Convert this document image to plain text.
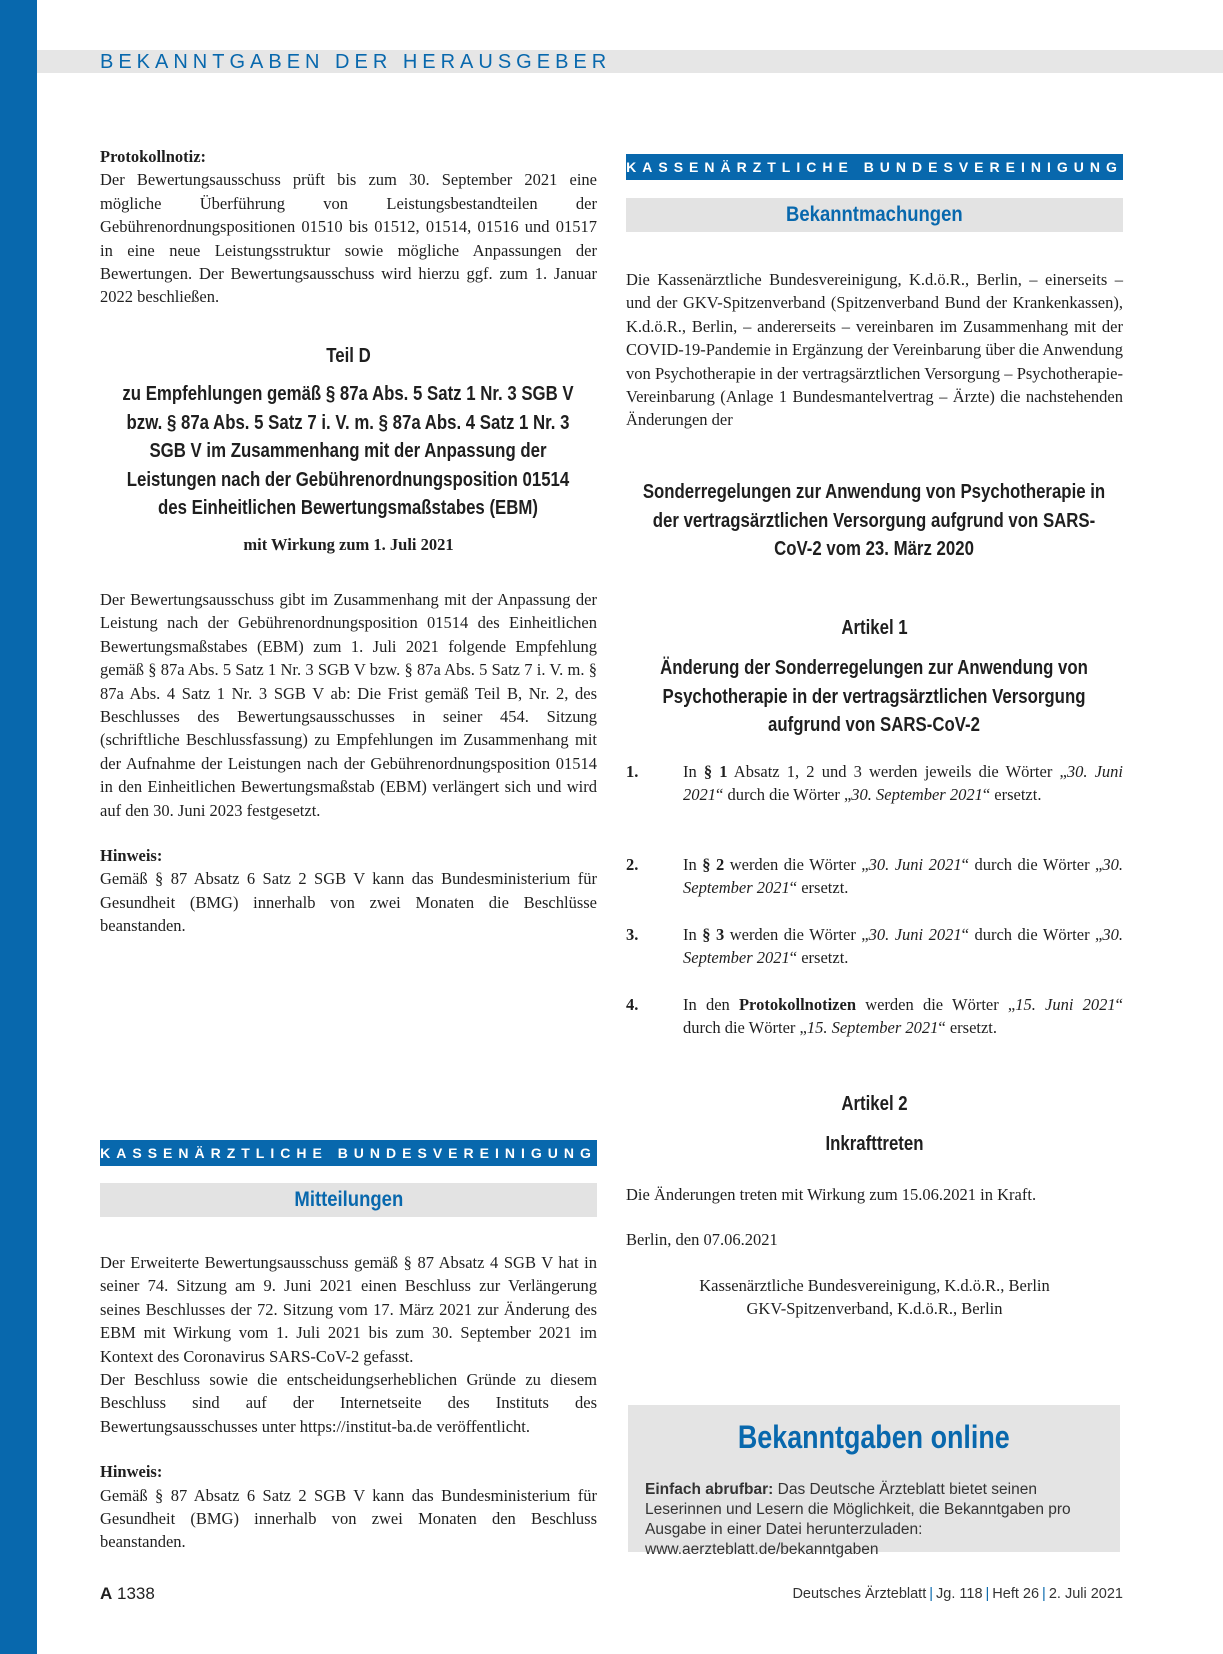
BEKANNTGABEN DER HERAUSGEBER

Protokollnotiz:

Der Bewertungsausschuss prüft bis zum 30. September 2021 eine mögliche Überführung von Leistungsbestandteilen der Gebührenordnungspositionen 01510 bis 01512, 01514, 01516 und 01517 in eine neue Leistungsstruktur sowie mögliche Anpassungen der Bewertungen. Der Bewertungsausschuss wird hierzu ggf. zum 1. Januar 2022 beschließen.

Teil D
zu Empfehlungen gemäß § 87a Abs. 5 Satz 1 Nr. 3 SGB V bzw. § 87a Abs. 5 Satz 7 i. V. m. § 87a Abs. 4 Satz 1 Nr. 3 SGB V im Zusammenhang mit der Anpassung der Leistungen nach der Gebührenordnungsposition 01514 des Einheitlichen Bewertungsmaßstabes (EBM)
mit Wirkung zum 1. Juli 2021

Der Bewertungsausschuss gibt im Zusammenhang mit der Anpassung der Leistung nach der Gebührenordnungsposition 01514 des Einheitlichen Bewertungsmaßstabes (EBM) zum 1. Juli 2021 folgende Empfehlung gemäß § 87a Abs. 5 Satz 1 Nr. 3 SGB V bzw. § 87a Abs. 5 Satz 7 i. V. m. § 87a Abs. 4 Satz 1 Nr. 3 SGB V ab: Die Frist gemäß Teil B, Nr. 2, des Beschlusses des Bewertungsausschusses in seiner 454. Sitzung (schriftliche Beschlussfassung) zu Empfehlungen im Zusammenhang mit der Aufnahme der Leistungen nach der Gebührenordnungsposition 01514 in den Einheitlichen Bewertungsmaßstab (EBM) verlängert sich und wird auf den 30. Juni 2023 festgesetzt.

Hinweis:

Gemäß § 87 Absatz 6 Satz 2 SGB V kann das Bundesministerium für Gesundheit (BMG) innerhalb von zwei Monaten die Beschlüsse beanstanden.

KASSENÄRZTLICHE BUNDESVEREINIGUNG
Mitteilungen

Der Erweiterte Bewertungsausschuss gemäß § 87 Absatz 4 SGB V hat in seiner 74. Sitzung am 9. Juni 2021 einen Beschluss zur Verlängerung seines Beschlusses der 72. Sitzung vom 17. März 2021 zur Änderung des EBM mit Wirkung vom 1. Juli 2021 bis zum 30. September 2021 im Kontext des Coronavirus SARS-CoV-2 gefasst.

Der Beschluss sowie die entscheidungserheblichen Gründe zu diesem Beschluss sind auf der Internetseite des Instituts des Bewertungsausschusses unter https://institut-ba.de veröffentlicht.

Hinweis:

Gemäß § 87 Absatz 6 Satz 2 SGB V kann das Bundesministerium für Gesundheit (BMG) innerhalb von zwei Monaten den Beschluss beanstanden.

KASSENÄRZTLICHE BUNDESVEREINIGUNG
Bekanntmachungen

Die Kassenärztliche Bundesvereinigung, K.d.ö.R., Berlin, – einerseits – und der GKV-Spitzenverband (Spitzenverband Bund der Krankenkassen), K.d.ö.R., Berlin, – andererseits – vereinbaren im Zusammenhang mit der COVID-19-Pandemie in Ergänzung der Vereinbarung über die Anwendung von Psychotherapie in der vertragsärztlichen Versorgung – Psychotherapie-Vereinbarung (Anlage 1 Bundesmantelvertrag – Ärzte) die nachstehenden Änderungen der

Sonderregelungen zur Anwendung von Psychotherapie in der vertragsärztlichen Versorgung aufgrund von SARS-CoV-2 vom 23. März 2020
Artikel 1
Änderung der Sonderregelungen zur Anwendung von Psychotherapie in der vertragsärztlichen Versorgung aufgrund von SARS-CoV-2
1.	In § 1 Absatz 1, 2 und 3 werden jeweils die Wörter „30. Juni 2021“ durch die Wörter „30. September 2021“ ersetzt.
2.	In § 2 werden die Wörter „30. Juni 2021“ durch die Wörter „30. September 2021“ ersetzt.
3.	In § 3 werden die Wörter „30. Juni 2021“ durch die Wörter „30. September 2021“ ersetzt.
4.	In den Protokollnotizen werden die Wörter „15. Juni 2021“ durch die Wörter „15. September 2021“ ersetzt.
Artikel 2
Inkrafttreten

Die Änderungen treten mit Wirkung zum 15.06.2021 in Kraft.

Berlin, den 07.06.2021

Kassenärztliche Bundesvereinigung, K.d.ö.R., Berlin

GKV-Spitzenverband, K.d.ö.R., Berlin

Bekanntgaben online
Einfach abrufbar: Das Deutsche Ärzteblatt bietet seinen Leserinnen und Lesern die Möglichkeit, die Bekanntgaben pro Ausgabe in einer Datei herunterzuladen: www.aerzteblatt.de/bekanntgaben
A 1338	Deutsches Ärzteblatt | Jg. 118 | Heft 26 | 2. Juli 2021
